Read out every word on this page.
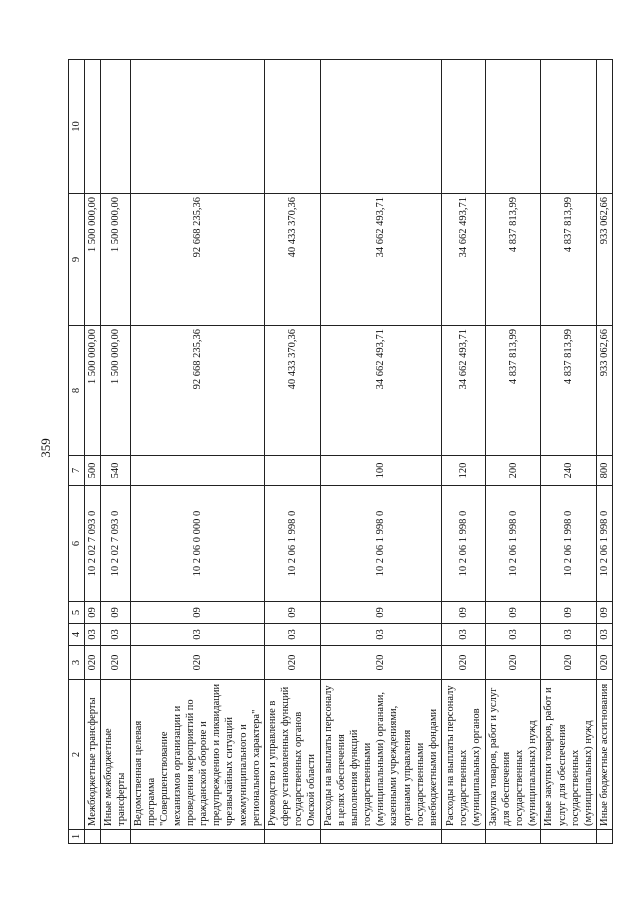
359
1	2	3	4	5	6	7	8	9	10
	Межбюджетные трансферты	020	03	09	10 2 02 7 093 0	500	1 500 000,00	1 500 000,00	
	Иные межбюджетные трансферты	020	03	09	10 2 02 7 093 0	540	1 500 000,00	1 500 000,00	
	Ведомственная целевая программа "Совершенствование механизмов организации и проведения мероприятий по гражданской обороне и предупреждению и ликвидации чрезвычайных ситуаций межмуниципального и регионального характера"	020	03	09	10 2 06 0 000 0		92 668 235,36	92 668 235,36	
	Руководство и управление в сфере установленных функций государственных органов Омской области	020	03	09	10 2 06 1 998 0		40 433 370,36	40 433 370,36	
	Расходы на выплаты персоналу в целях обеспечения выполнения функций государственными (муниципальными) органами, казенными учреждениями, органами управления государственными внебюджетными фондами	020	03	09	10 2 06 1 998 0	100	34 662 493,71	34 662 493,71	
	Расходы на выплаты персоналу государственных (муниципальных) органов	020	03	09	10 2 06 1 998 0	120	34 662 493,71	34 662 493,71	
	Закупка товаров, работ и услуг для обеспечения государственных (муниципальных) нужд	020	03	09	10 2 06 1 998 0	200	4 837 813,99	4 837 813,99	
	Иные закупки товаров, работ и услуг для обеспечения государственных (муниципальных) нужд	020	03	09	10 2 06 1 998 0	240	4 837 813,99	4 837 813,99	
	Иные бюджетные ассигнования	020	03	09	10 2 06 1 998 0	800	933 062,66	933 062,66	
